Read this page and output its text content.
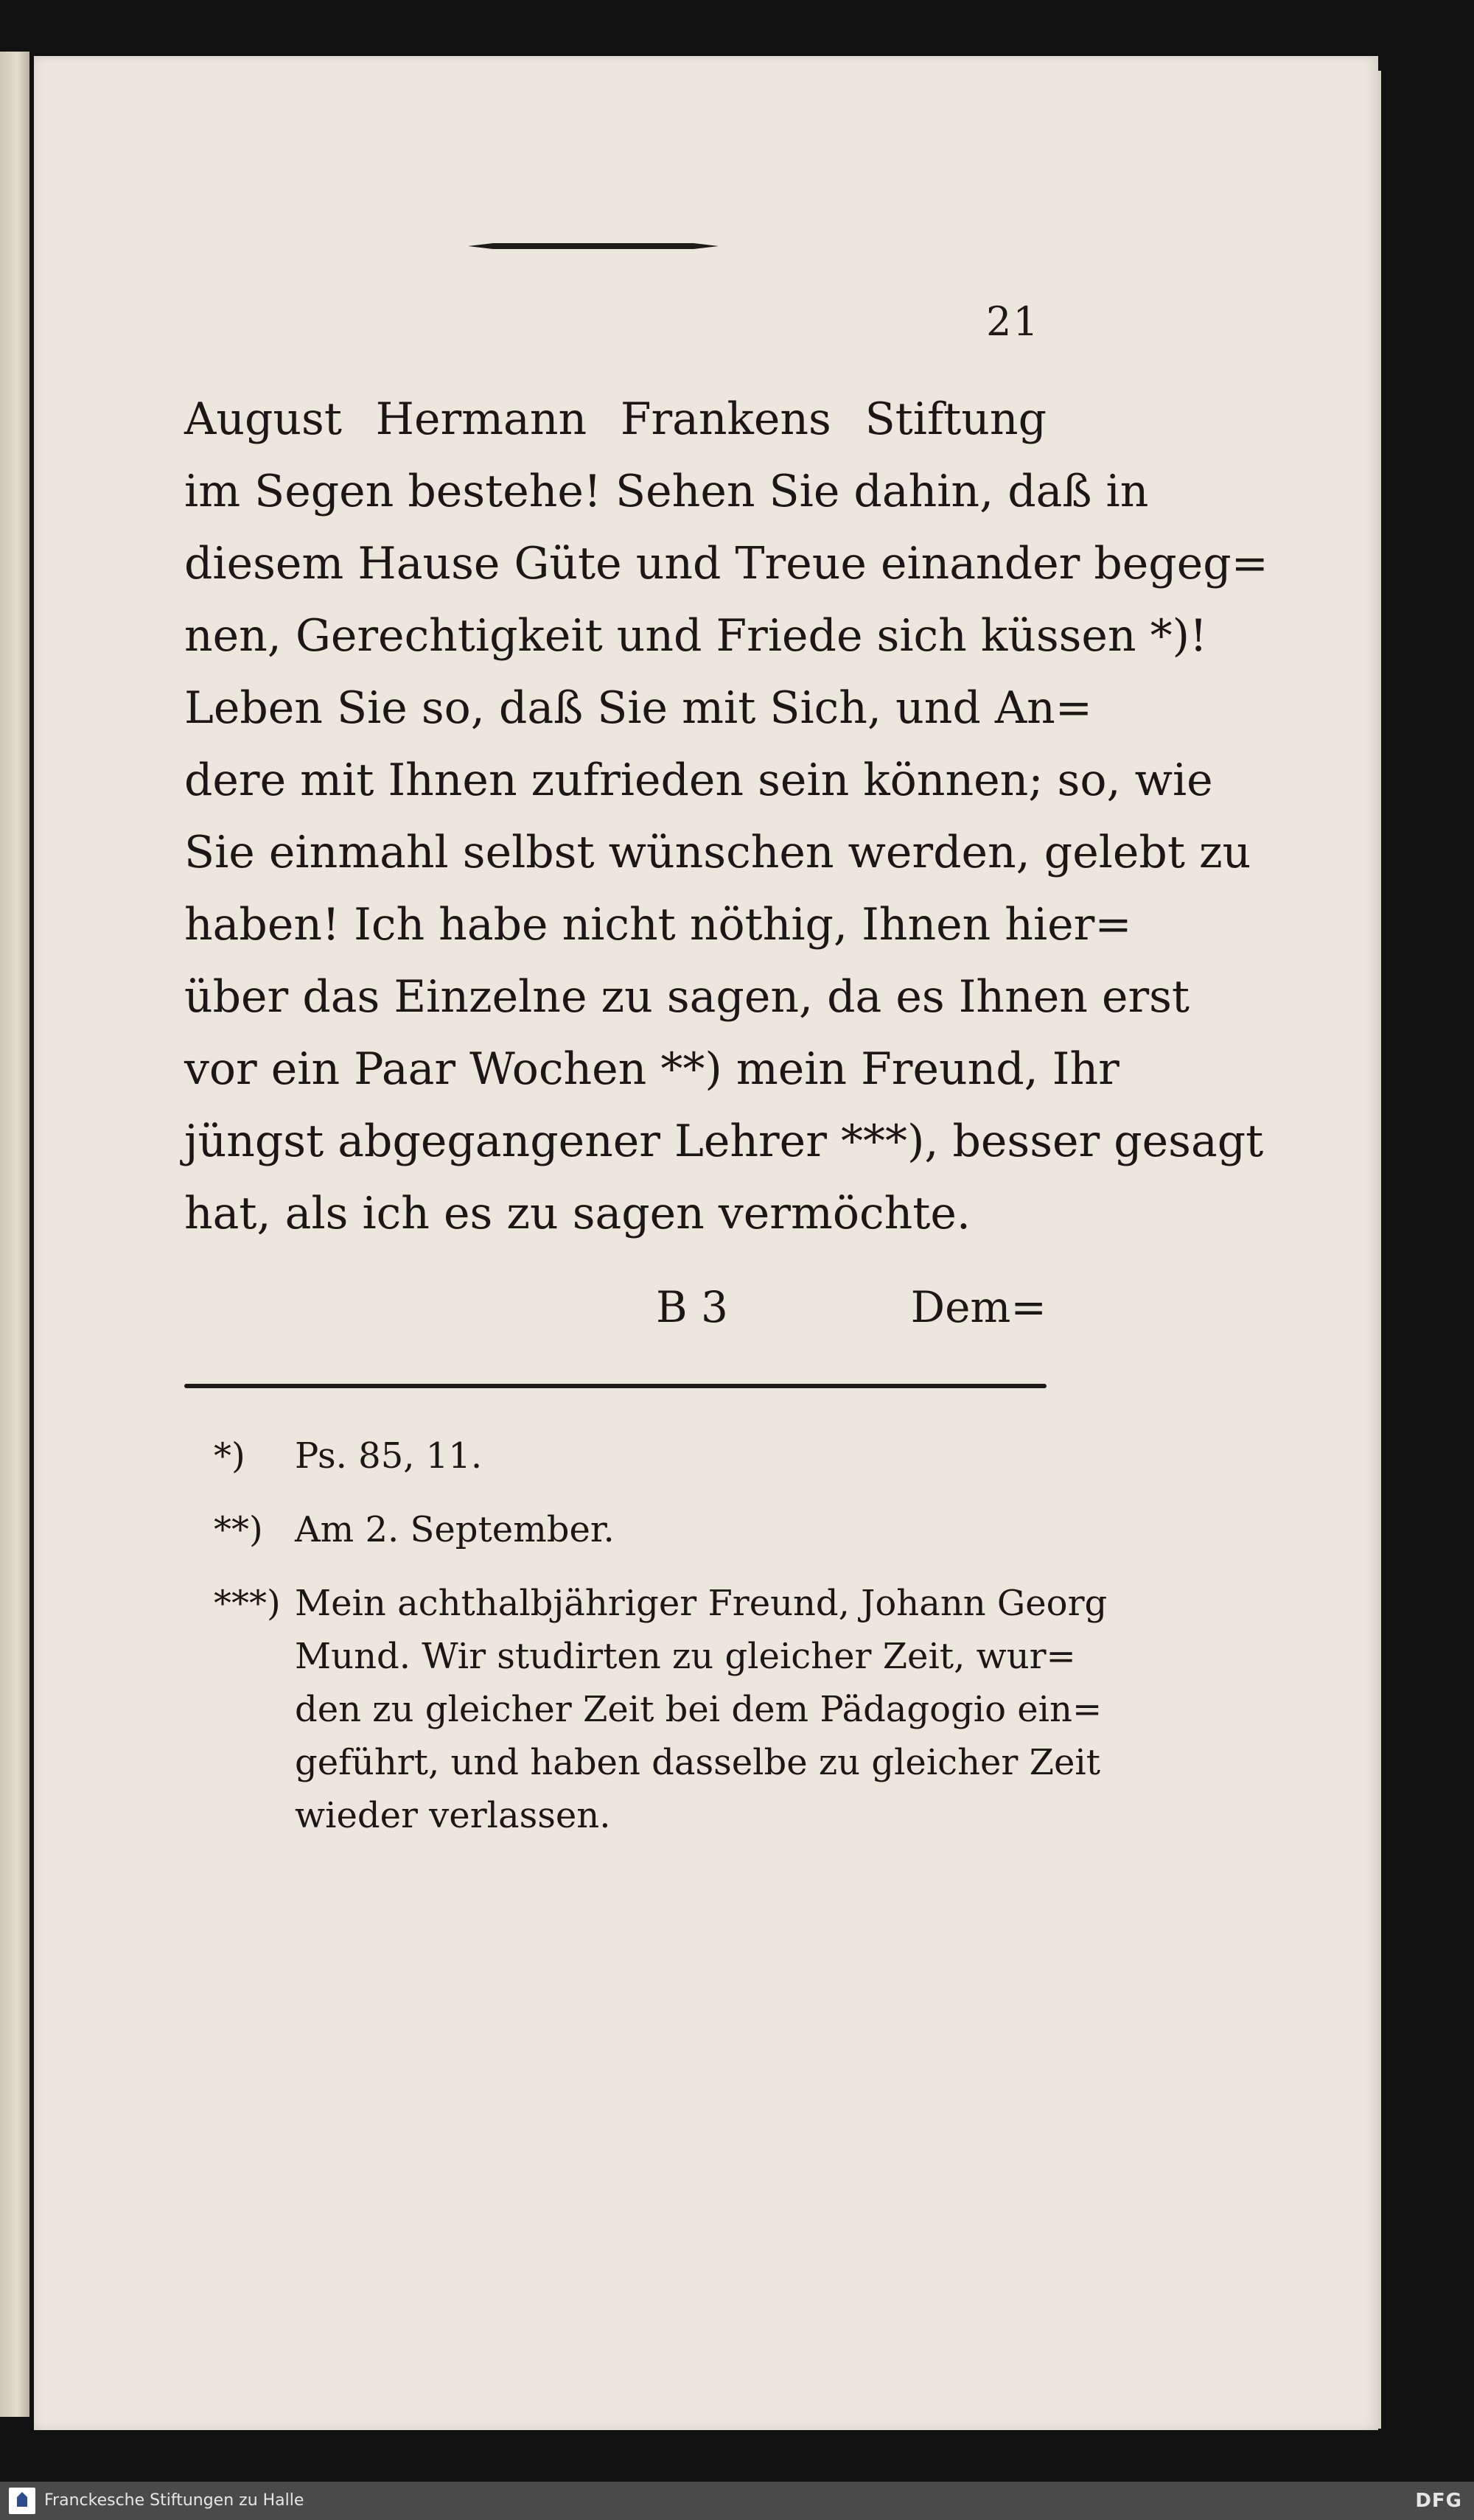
21
August Hermann Frankens Stiftung
im Segen bestehe! Sehen Sie dahin, daß in
diesem Hause Güte und Treue einander begeg=
nen, Gerechtigkeit und Friede sich küssen *)!
Leben Sie so, daß Sie mit Sich, und An=
dere mit Ihnen zufrieden sein können; so, wie
Sie einmahl selbst wünschen werden, gelebt zu
haben! Ich habe nicht nöthig, Ihnen hier=
über das Einzelne zu sagen, da es Ihnen erst
vor ein Paar Wochen **) mein Freund, Ihr
jüngst abgegangener Lehrer ***), besser gesagt
hat, als ich es zu sagen vermöchte.
B 3	Dem=
*) Ps. 85, 11.
**) Am 2. September.
***) Mein achthalbjähriger Freund, Johann Georg
Mund. Wir studirten zu gleicher Zeit, wur=
den zu gleicher Zeit bei dem Pädagogio ein=
geführt, und haben dasselbe zu gleicher Zeit
wieder verlassen.
Franckesche Stiftungen zu Halle	DFG
